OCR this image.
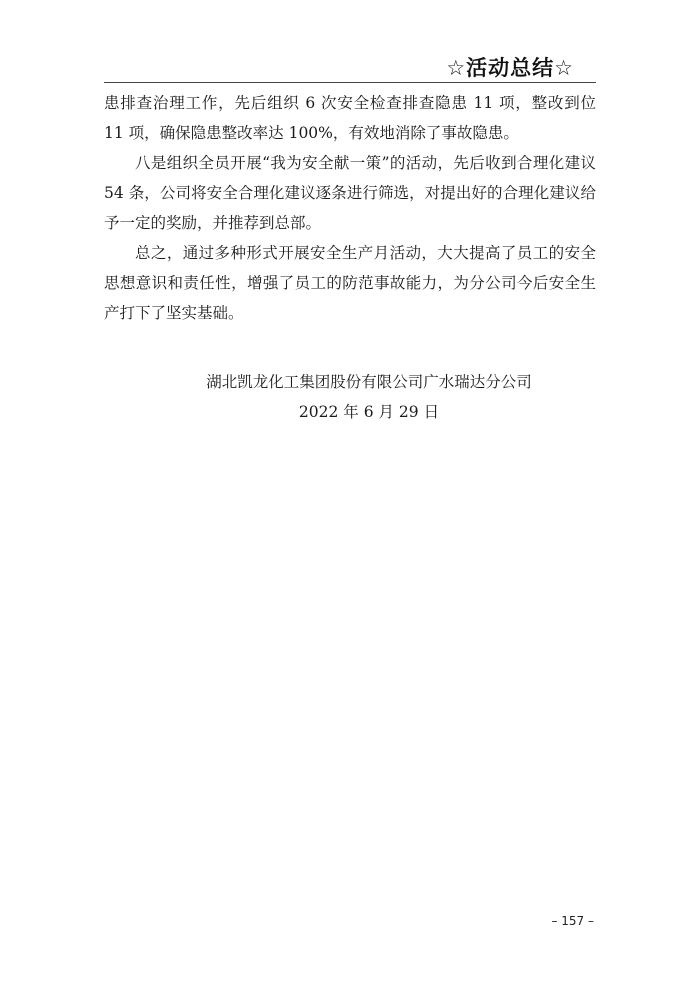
☆活动总结☆

患排查治理工作，先后组织 6 次安全检查排查隐患 11 项，整改到位 11 项，确保隐患整改率达 100%，有效地消除了事故隐患。

八是组织全员开展“我为安全献一策”的活动，先后收到合理化建议 54 条，公司将安全合理化建议逐条进行筛选，对提出好的合理化建议给予一定的奖励，并推荐到总部。

总之，通过多种形式开展安全生产月活动，大大提高了员工的安全思想意识和责任性，增强了员工的防范事故能力，为分公司今后安全生产打下了坚实基础。

湖北凯龙化工集团股份有限公司广水瑞达分公司
2022 年 6 月 29 日
– 157 –
